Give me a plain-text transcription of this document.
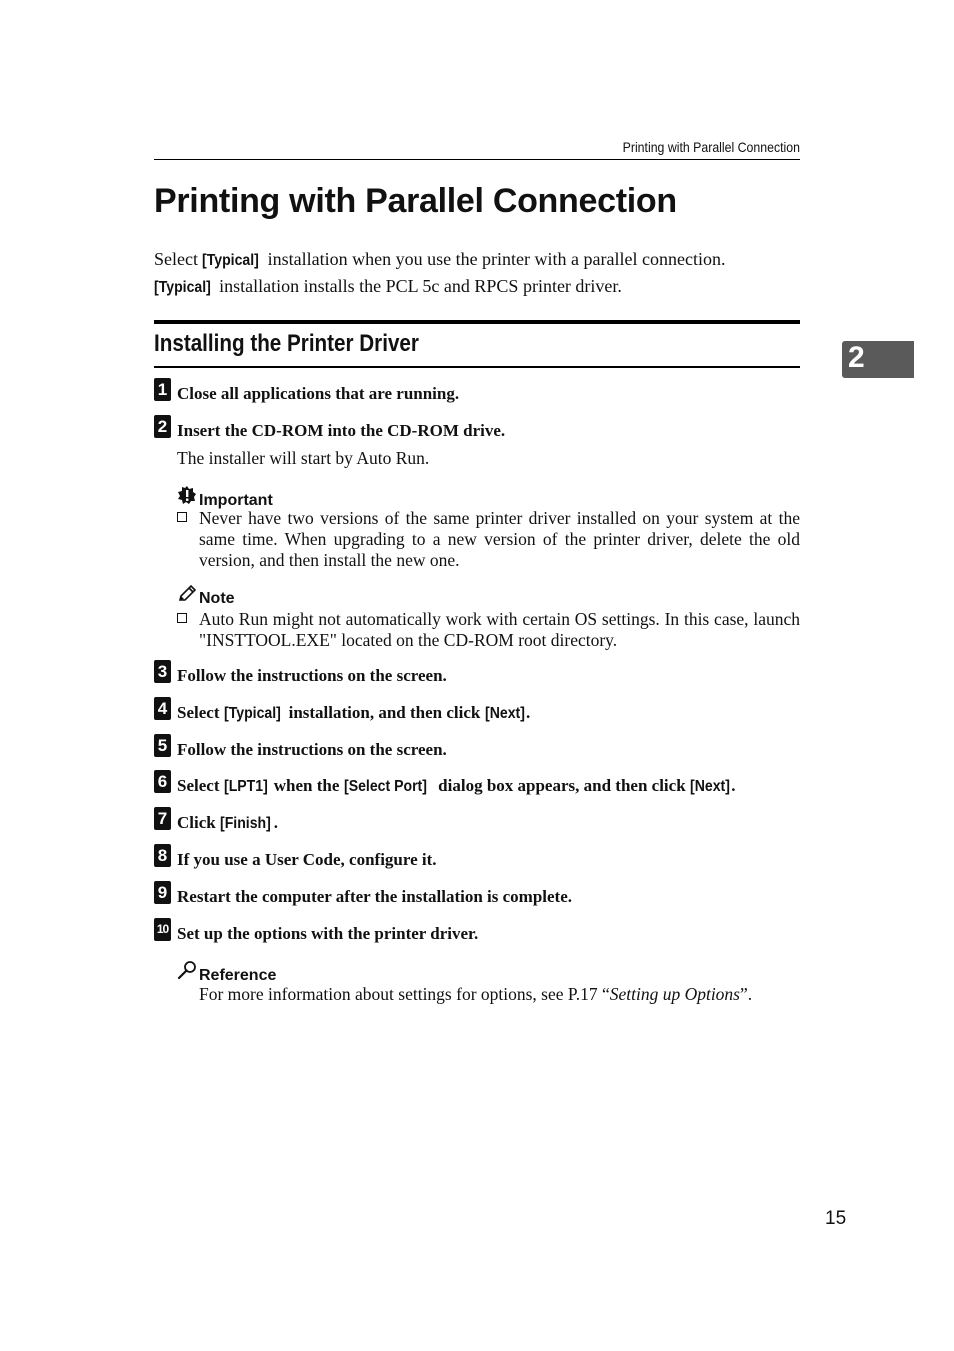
Printing with Parallel Connection
Printing with Parallel Connection
Select [Typical] installation when you use the printer with a parallel connection.
[Typical] installation installs the PCL 5c and RPCS printer driver.
Installing the Printer Driver	2
1 Close all applications that are running.
2 Insert the CD-ROM into the CD-ROM drive.
The installer will start by Auto Run.
Important
Never have two versions of the same printer driver installed on your system at the same time. When upgrading to a new version of the printer driver, delete the old version, and then install the new one.
Note
Auto Run might not automatically work with certain OS settings. In this case, launch "INSTTOOL.EXE" located on the CD-ROM root directory.
3 Follow the instructions on the screen.
4 Select [Typical] installation, and then click [Next].
5 Follow the instructions on the screen.
6 Select [LPT1] when the [Select Port] dialog box appears, and then click [Next].
7 Click [Finish] .
8 If you use a User Code, configure it.
9 Restart the computer after the installation is complete.
10 Set up the options with the printer driver.
Reference
For more information about settings for options, see P.17 “Setting up Options”.
15
